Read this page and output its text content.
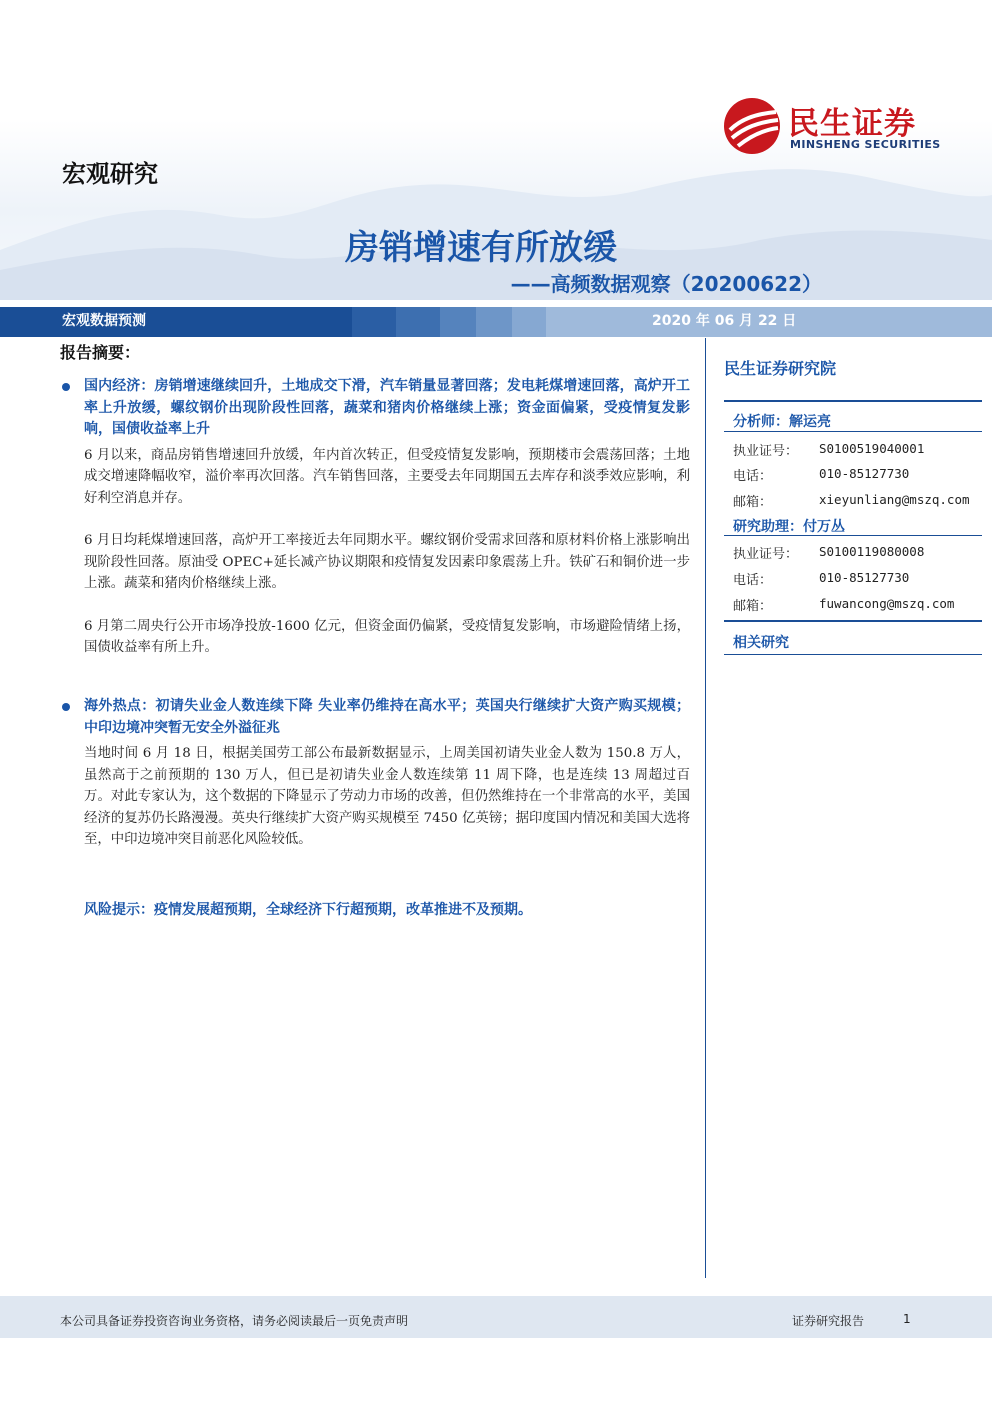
宏观研究
民生证券
MINSHENG SECURITIES
房销增速有所放缓
——高频数据观察（20200622）
宏观数据预测	2020 年 06 月 22 日
报告摘要：
国内经济：房销增速继续回升，土地成交下滑，汽车销量显著回落；发电耗煤增速回落，高炉开工率上升放缓，螺纹钢价出现阶段性回落，蔬菜和猪肉价格继续上涨；资金面偏紧，受疫情复发影响，国债收益率上升
6 月以来，商品房销售增速回升放缓，年内首次转正，但受疫情复发影响，预期楼市会震荡回落；土地成交增速降幅收窄，溢价率再次回落。汽车销售回落，主要受去年同期国五去库存和淡季效应影响，利好利空消息并存。
6 月日均耗煤增速回落，高炉开工率接近去年同期水平。螺纹钢价受需求回落和原材料价格上涨影响出现阶段性回落。原油受 OPEC+延长减产协议期限和疫情复发因素印象震荡上升。铁矿石和铜价进一步上涨。蔬菜和猪肉价格继续上涨。
6 月第二周央行公开市场净投放-1600 亿元，但资金面仍偏紧，受疫情复发影响，市场避险情绪上扬，国债收益率有所上升。
海外热点：初请失业金人数连续下降 失业率仍维持在高水平；英国央行继续扩大资产购买规模；中印边境冲突暂无安全外溢征兆
当地时间 6 月 18 日，根据美国劳工部公布最新数据显示，上周美国初请失业金人数为 150.8 万人，虽然高于之前预期的 130 万人，但已是初请失业金人数连续第 11 周下降，也是连续 13 周超过百万。对此专家认为，这个数据的下降显示了劳动力市场的改善，但仍然维持在一个非常高的水平，美国经济的复苏仍长路漫漫。英央行继续扩大资产购买规模至 7450 亿英镑；据印度国内情况和美国大选将至，中印边境冲突目前恶化风险较低。
风险提示：疫情发展超预期，全球经济下行超预期，改革推进不及预期。
民生证券研究院
分析师：解运亮
执业证号： S0100519040001
电话：	010-85127730
邮箱：	xieyunliang@mszq.com
研究助理：付万丛
执业证号： S0100119080008
电话：	010-85127730
邮箱：	fuwancong@mszq.com
相关研究
本公司具备证券投资咨询业务资格，请务必阅读最后一页免责声明	证券研究报告	1
